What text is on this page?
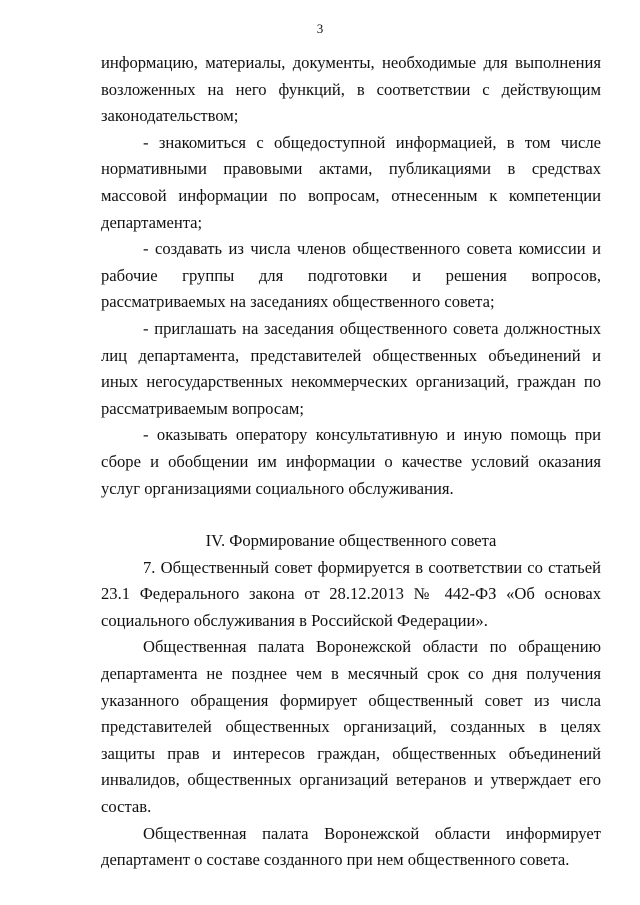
3

информацию, материалы, документы, необходимые для выполнения возложенных на него функций, в соответствии с действующим законодательством;

- знакомиться с общедоступной информацией, в том числе нормативными правовыми актами, публикациями в средствах массовой информации по вопросам, отнесенным к компетенции департамента;

- создавать из числа членов общественного совета комиссии и рабочие группы для подготовки и решения вопросов, рассматриваемых на заседаниях общественного совета;

- приглашать на заседания общественного совета должностных лиц департамента, представителей общественных объединений и иных негосударственных некоммерческих организаций, граждан по рассматриваемым вопросам;

- оказывать оператору консультативную и иную помощь при сборе и обобщении им информации о качестве условий оказания услуг организациями социального обслуживания.

IV. Формирование общественного совета

7. Общественный совет формируется в соответствии со статьей 23.1 Федерального закона от 28.12.2013 № 442-ФЗ «Об основах социального обслуживания в Российской Федерации».

Общественная палата Воронежской области по обращению департамента не позднее чем в месячный срок со дня получения указанного обращения формирует общественный совет из числа представителей общественных организаций, созданных в целях защиты прав и интересов граждан, общественных объединений инвалидов, общественных организаций ветеранов и утверждает его состав.

Общественная палата Воронежской области информирует департамент о составе созданного при нем общественного совета.
